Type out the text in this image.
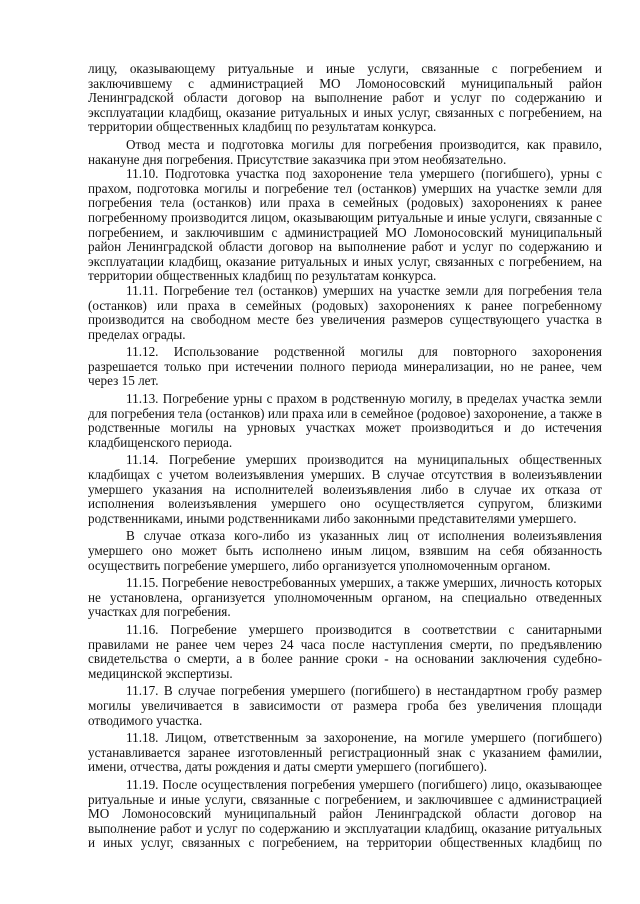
лицу, оказывающему ритуальные и иные услуги, связанные с погребением и заключившему с администрацией МО Ломоносовский муниципальный район Ленинградской области договор на выполнение работ и услуг по содержанию и эксплуатации кладбищ, оказание ритуальных и иных услуг, связанных с погребением, на территории общественных кладбищ по результатам конкурса.

Отвод места и подготовка могилы для погребения производится, как правило, накануне дня погребения. Присутствие заказчика при этом необязательно.

11.10. Подготовка участка под захоронение тела умершего (погибшего), урны с прахом, подготовка могилы и погребение тел (останков) умерших на участке земли для погребения тела (останков) или праха в семейных (родовых) захоронениях к ранее погребенному производится лицом, оказывающим ритуальные и иные услуги, связанные с погребением, и заключившим с администрацией МО Ломоносовский муниципальный район Ленинградской области договор на выполнение работ и услуг по содержанию и эксплуатации кладбищ, оказание ритуальных и иных услуг, связанных с погребением, на территории общественных кладбищ по результатам конкурса.

11.11. Погребение тел (останков) умерших на участке земли для погребения тела (останков) или праха в семейных (родовых) захоронениях к ранее погребенному производится на свободном месте без увеличения размеров существующего участка в пределах ограды.

11.12. Использование родственной могилы для повторного захоронения разрешается только при истечении полного периода минерализации, но не ранее, чем через 15 лет.

11.13. Погребение урны с прахом в родственную могилу, в пределах участка земли для погребения тела (останков) или праха или в семейное (родовое) захоронение, а также в родственные могилы на урновых участках может производиться и до истечения кладбищенского периода.

11.14. Погребение умерших производится на муниципальных общественных кладбищах с учетом волеизъявления умерших. В случае отсутствия в волеизъявлении умершего указания на исполнителей волеизъявления либо в случае их отказа от исполнения волеизъявления умершего оно осуществляется супругом, близкими родственниками, иными родственниками либо законными представителями умершего.

В случае отказа кого-либо из указанных лиц от исполнения волеизъявления умершего оно может быть исполнено иным лицом, взявшим на себя обязанность осуществить погребение умершего, либо организуется уполномоченным органом.

11.15. Погребение невостребованных умерших, а также умерших, личность которых не установлена, организуется уполномоченным органом, на специально отведенных участках для погребения.

11.16. Погребение умершего производится в соответствии с санитарными правилами не ранее чем через 24 часа после наступления смерти, по предъявлению свидетельства о смерти, а в более ранние сроки - на основании заключения судебно-медицинской экспертизы.

11.17. В случае погребения умершего (погибшего) в нестандартном гробу размер могилы увеличивается в зависимости от размера гроба без увеличения площади отводимого участка.

11.18. Лицом, ответственным за захоронение, на могиле умершего (погибшего) устанавливается заранее изготовленный регистрационный знак с указанием фамилии, имени, отчества, даты рождения и даты смерти умершего (погибшего).

11.19. После осуществления погребения умершего (погибшего) лицо, оказывающее ритуальные и иные услуги, связанные с погребением, и заключившее с администрацией МО Ломоносовский муниципальный район Ленинградской области договор на выполнение работ и услуг по содержанию и эксплуатации кладбищ, оказание ритуальных и иных услуг, связанных с погребением, на территории общественных кладбищ по
